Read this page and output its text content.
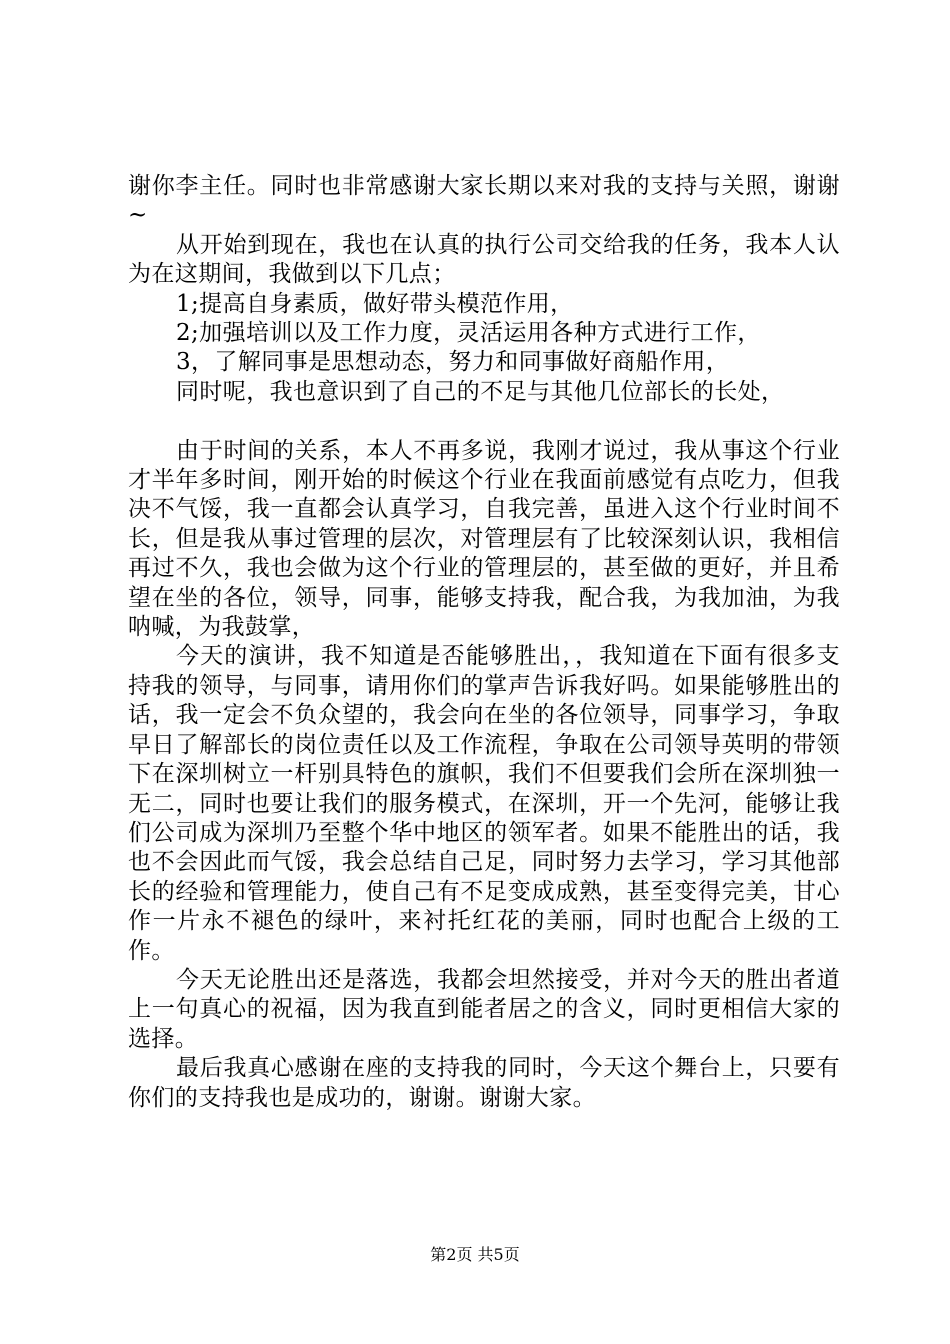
谢你李主任。同时也非常感谢大家长期以来对我的支持与关照，谢谢~

从开始到现在，我也在认真的执行公司交给我的任务，我本人认为在这期间，我做到以下几点；

1;提高自身素质，做好带头模范作用，

2;加强培训以及工作力度，灵活运用各种方式进行工作，

3，了解同事是思想动态，努力和同事做好商船作用，

同时呢，我也意识到了自己的不足与其他几位部长的长处，

由于时间的关系，本人不再多说，我刚才说过，我从事这个行业才半年多时间，刚开始的时候这个行业在我面前感觉有点吃力，但我决不气馁，我一直都会认真学习，自我完善，虽进入这个行业时间不长，但是我从事过管理的层次，对管理层有了比较深刻认识，我相信再过不久，我也会做为这个行业的管理层的，甚至做的更好，并且希望在坐的各位，领导，同事，能够支持我，配合我，为我加油，为我呐喊，为我鼓掌，

今天的演讲，我不知道是否能够胜出，，我知道在下面有很多支持我的领导，与同事，请用你们的掌声告诉我好吗。如果能够胜出的话，我一定会不负众望的，我会向在坐的各位领导，同事学习，争取早日了解部长的岗位责任以及工作流程，争取在公司领导英明的带领下在深圳树立一杆别具特色的旗帜，我们不但要我们会所在深圳独一无二，同时也要让我们的服务模式，在深圳，开一个先河，能够让我们公司成为深圳乃至整个华中地区的领军者。如果不能胜出的话，我也不会因此而气馁，我会总结自己足，同时努力去学习，学习其他部长的经验和管理能力，使自己有不足变成成熟，甚至变得完美，甘心作一片永不褪色的绿叶，来衬托红花的美丽，同时也配合上级的工作。

今天无论胜出还是落选，我都会坦然接受，并对今天的胜出者道上一句真心的祝福，因为我直到能者居之的含义，同时更相信大家的选择。

最后我真心感谢在座的支持我的同时，今天这个舞台上，只要有你们的支持我也是成功的，谢谢。谢谢大家。

第2页 共5页
